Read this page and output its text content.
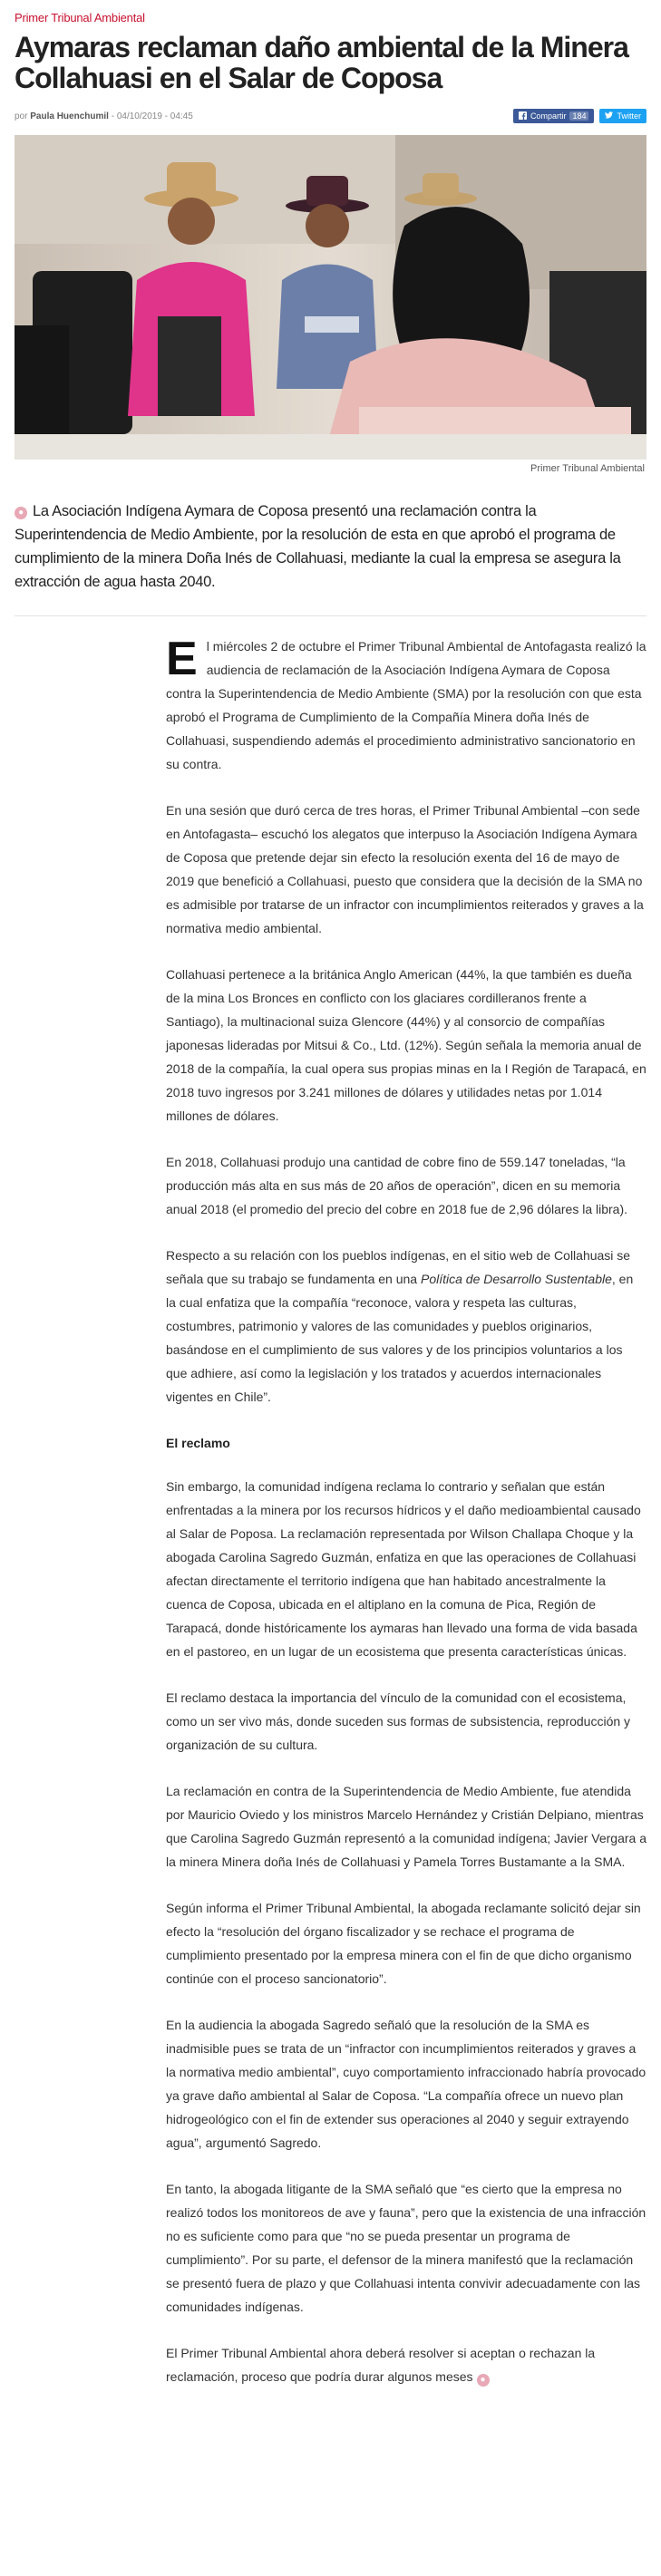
Primer Tribunal Ambiental
Aymaras reclaman daño ambiental de la Minera Collahuasi en el Salar de Coposa
por Paula Huenchumil - 04/10/2019 - 04:45	Compartir 184	Twitter
Primer Tribunal Ambiental

● La Asociación Indígena Aymara de Coposa presentó una reclamación contra la Superintendencia de Medio Ambiente, por la resolución de esta en que aprobó el programa de cumplimiento de la minera Doña Inés de Collahuasi, mediante la cual la empresa se asegura la extracción de agua hasta 2040.

El miércoles 2 de octubre el Primer Tribunal Ambiental de Antofagasta realizó la audiencia de reclamación de la Asociación Indígena Aymara de Coposa contra la Superintendencia de Medio Ambiente (SMA) por la resolución con que esta aprobó el Programa de Cumplimiento de la Compañía Minera doña Inés de Collahuasi, suspendiendo además el procedimiento administrativo sancionatorio en su contra.

En una sesión que duró cerca de tres horas, el Primer Tribunal Ambiental –con sede en Antofagasta– escuchó los alegatos que interpuso la Asociación Indígena Aymara de Coposa que pretende dejar sin efecto la resolución exenta del 16 de mayo de 2019 que benefició a Collahuasi, puesto que considera que la decisión de la SMA no es admisible por tratarse de un infractor con incumplimientos reiterados y graves a la normativa medio ambiental.

Collahuasi pertenece a la británica Anglo American (44%, la que también es dueña de la mina Los Bronces en conflicto con los glaciares cordilleranos frente a Santiago), la multinacional suiza Glencore (44%) y al consorcio de compañías japonesas lideradas por Mitsui & Co., Ltd. (12%). Según señala la memoria anual de 2018 de la compañía, la cual opera sus propias minas en la I Región de Tarapacá, en 2018 tuvo ingresos por 3.241 millones de dólares y utilidades netas por 1.014 millones de dólares.

En 2018, Collahuasi produjo una cantidad de cobre fino de 559.147 toneladas, “la producción más alta en sus más de 20 años de operación”, dicen en su memoria anual 2018 (el promedio del precio del cobre en 2018 fue de 2,96 dólares la libra).

Respecto a su relación con los pueblos indígenas, en el sitio web de Collahuasi se señala que su trabajo se fundamenta en una Política de Desarrollo Sustentable, en la cual enfatiza que la compañía “reconoce, valora y respeta las culturas, costumbres, patrimonio y valores de las comunidades y pueblos originarios, basándose en el cumplimiento de sus valores y de los principios voluntarios a los que adhiere, así como la legislación y los tratados y acuerdos internacionales vigentes en Chile”.

El reclamo

Sin embargo, la comunidad indígena reclama lo contrario y señalan que están enfrentadas a la minera por los recursos hídricos y el daño medioambiental causado al Salar de Poposa. La reclamación representada por Wilson Challapa Choque y la abogada Carolina Sagredo Guzmán, enfatiza en que las operaciones de Collahuasi afectan directamente el territorio indígena que han habitado ancestralmente la cuenca de Coposa, ubicada en el altiplano en la comuna de Pica, Región de Tarapacá, donde históricamente los aymaras han llevado una forma de vida basada en el pastoreo, en un lugar de un ecosistema que presenta características únicas.

El reclamo destaca la importancia del vínculo de la comunidad con el ecosistema, como un ser vivo más, donde suceden sus formas de subsistencia, reproducción y organización de su cultura.

La reclamación en contra de la Superintendencia de Medio Ambiente, fue atendida por Mauricio Oviedo y los ministros Marcelo Hernández y Cristián Delpiano, mientras que Carolina Sagredo Guzmán representó a la comunidad indígena; Javier Vergara a la minera Minera doña Inés de Collahuasi y Pamela Torres Bustamante a la SMA.

Según informa el Primer Tribunal Ambiental, la abogada reclamante solicitó dejar sin efecto la “resolución del órgano fiscalizador y se rechace el programa de cumplimiento presentado por la empresa minera con el fin de que dicho organismo continúe con el proceso sancionatorio”.

En la audiencia la abogada Sagredo señaló que la resolución de la SMA es inadmisible pues se trata de un “infractor con incumplimientos reiterados y graves a la normativa medio ambiental”, cuyo comportamiento infraccionado habría provocado ya grave daño ambiental al Salar de Coposa. “La compañía ofrece un nuevo plan hidrogeológico con el fin de extender sus operaciones al 2040 y seguir extrayendo agua”, argumentó Sagredo.

En tanto, la abogada litigante de la SMA señaló que “es cierto que la empresa no realizó todos los monitoreos de ave y fauna”, pero que la existencia de una infracción no es suficiente como para que “no se pueda presentar un programa de cumplimiento”. Por su parte, el defensor de la minera manifestó que la reclamación se presentó fuera de plazo y que Collahuasi intenta convivir adecuadamente con las comunidades indígenas.

El Primer Tribunal Ambiental ahora deberá resolver si aceptan o rechazan la reclamación, proceso que podría durar algunos meses ●
